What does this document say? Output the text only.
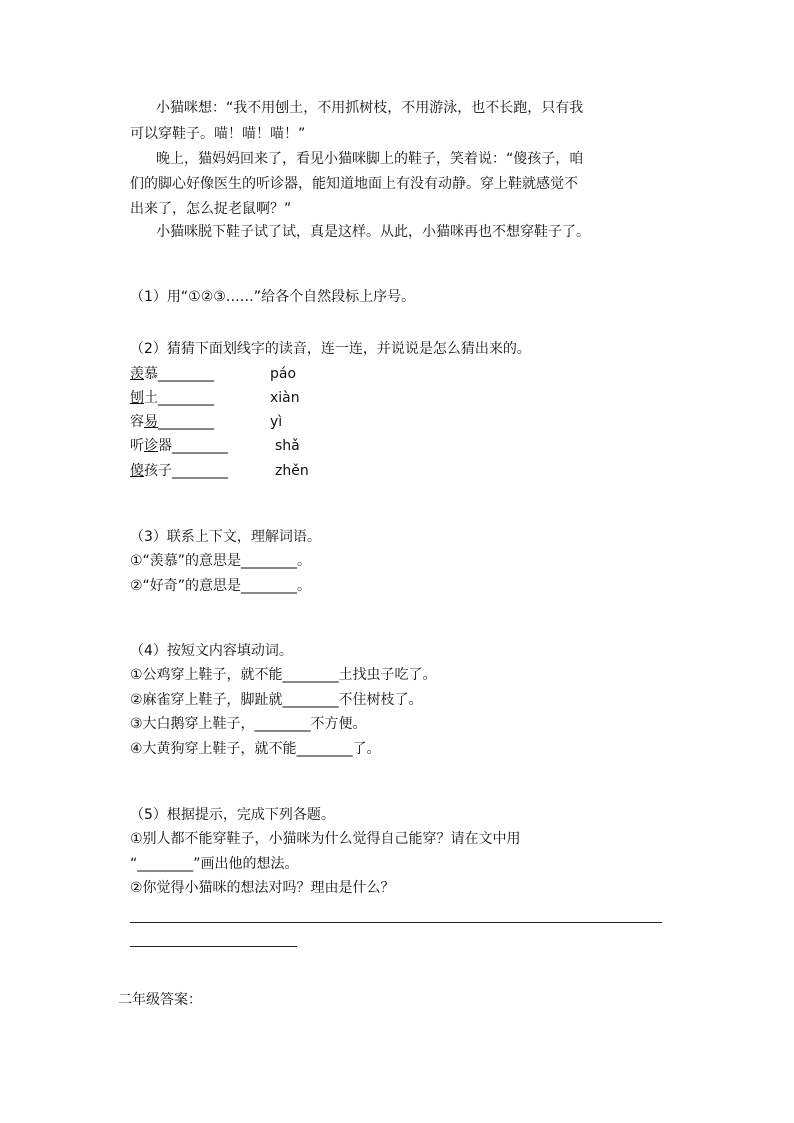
小猫咪想：“我不用刨土，不用抓树枝，不用游泳，也不长跑，只有我
可以穿鞋子。喵！喵！喵！”
晚上，猫妈妈回来了，看见小猫咪脚上的鞋子，笑着说：“傻孩子，咱
们的脚心好像医生的听诊器，能知道地面上有没有动静。穿上鞋就感觉不
出来了，怎么捉老鼠啊？”
小猫咪脱下鞋子试了试，真是这样。从此，小猫咪再也不想穿鞋子了。
（1）用“①②③……”给各个自然段标上序号。
（2）猜猜下面划线字的读音，连一连，并说说是怎么猜出来的。
羡慕________
刨土________
容易________
听诊器________
傻孩子________
páo
xiàn
yì
shǎ
zhěn
（3）联系上下文，理解词语。
①“羡慕”的意思是________。
②“好奇”的意思是________。
（4）按短文内容填动词。
①公鸡穿上鞋子，就不能________土找虫子吃了。
②麻雀穿上鞋子，脚趾就________不住树枝了。
③大白鹅穿上鞋子，________不方便。
④大黄狗穿上鞋子，就不能________了。
（5）根据提示，完成下列各题。
①别人都不能穿鞋子，小猫咪为什么觉得自己能穿？请在文中用
“________”画出他的想法。
②你觉得小猫咪的想法对吗？理由是什么？
二年级答案：
